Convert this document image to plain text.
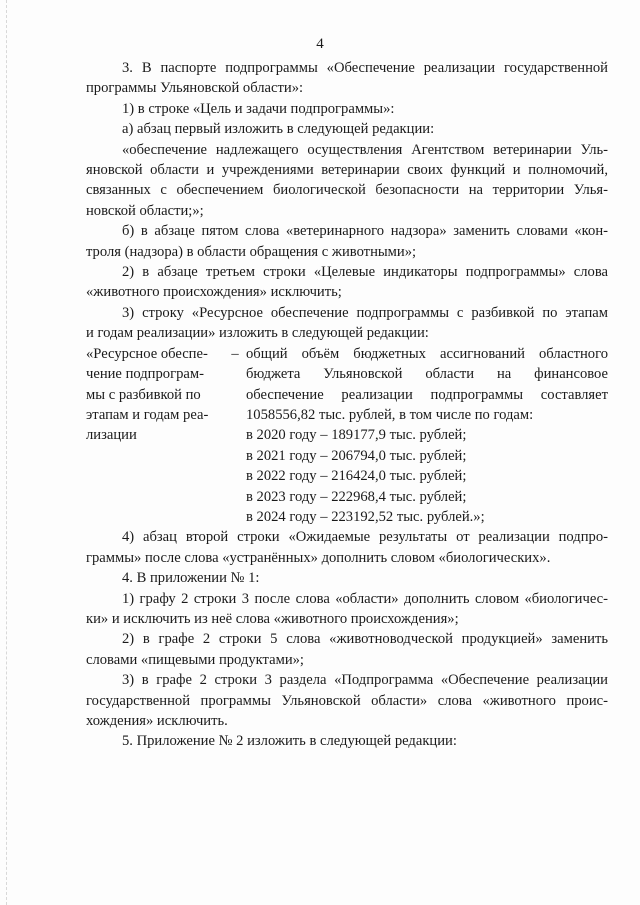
4
3. В паспорте подпрограммы «Обеспечение реализации государственной
программы Ульяновской области»:
1) в строке «Цель и задачи подпрограммы»:
а) абзац первый изложить в следующей редакции:
«обеспечение надлежащего осуществления Агентством ветеринарии Уль-
яновской области и учреждениями ветеринарии своих функций и полномочий,
связанных с обеспечением биологической безопасности на территории Улья-
новской области;»;
б) в абзаце пятом слова «ветеринарного надзора» заменить словами «кон-
троля (надзора) в области обращения с животными»;
2) в абзаце третьем строки «Целевые индикаторы подпрограммы» слова
«животного происхождения» исключить;
3) строку «Ресурсное обеспечение подпрограммы с разбивкой по этапам
и годам реализации» изложить в следующей редакции:
«Ресурсное обеспе-
чение подпрограм-
мы с разбивкой по
этапам и годам реа-
лизации
– общий объём бюджетных ассигнований областного
бюджета Ульяновской области на финансовое
обеспечение реализации подпрограммы составляет
1058556,82 тыс. рублей, в том числе по годам:
в 2020 году – 189177,9 тыс. рублей;
в 2021 году – 206794,0 тыс. рублей;
в 2022 году – 216424,0 тыс. рублей;
в 2023 году – 222968,4 тыс. рублей;
в 2024 году – 223192,52 тыс. рублей.»;
4) абзац второй строки «Ожидаемые результаты от реализации подпро-
граммы» после слова «устранённых» дополнить словом «биологических».
4. В приложении № 1:
1) графу 2 строки 3 после слова «области» дополнить словом «биологичес-
ки» и исключить из неё слова «животного происхождения»;
2) в графе 2 строки 5 слова «животноводческой продукцией» заменить
словами «пищевыми продуктами»;
3) в графе 2 строки 3 раздела «Подпрограмма «Обеспечение реализации
государственной программы Ульяновской области» слова «животного проис-
хождения» исключить.
5. Приложение № 2 изложить в следующей редакции:
